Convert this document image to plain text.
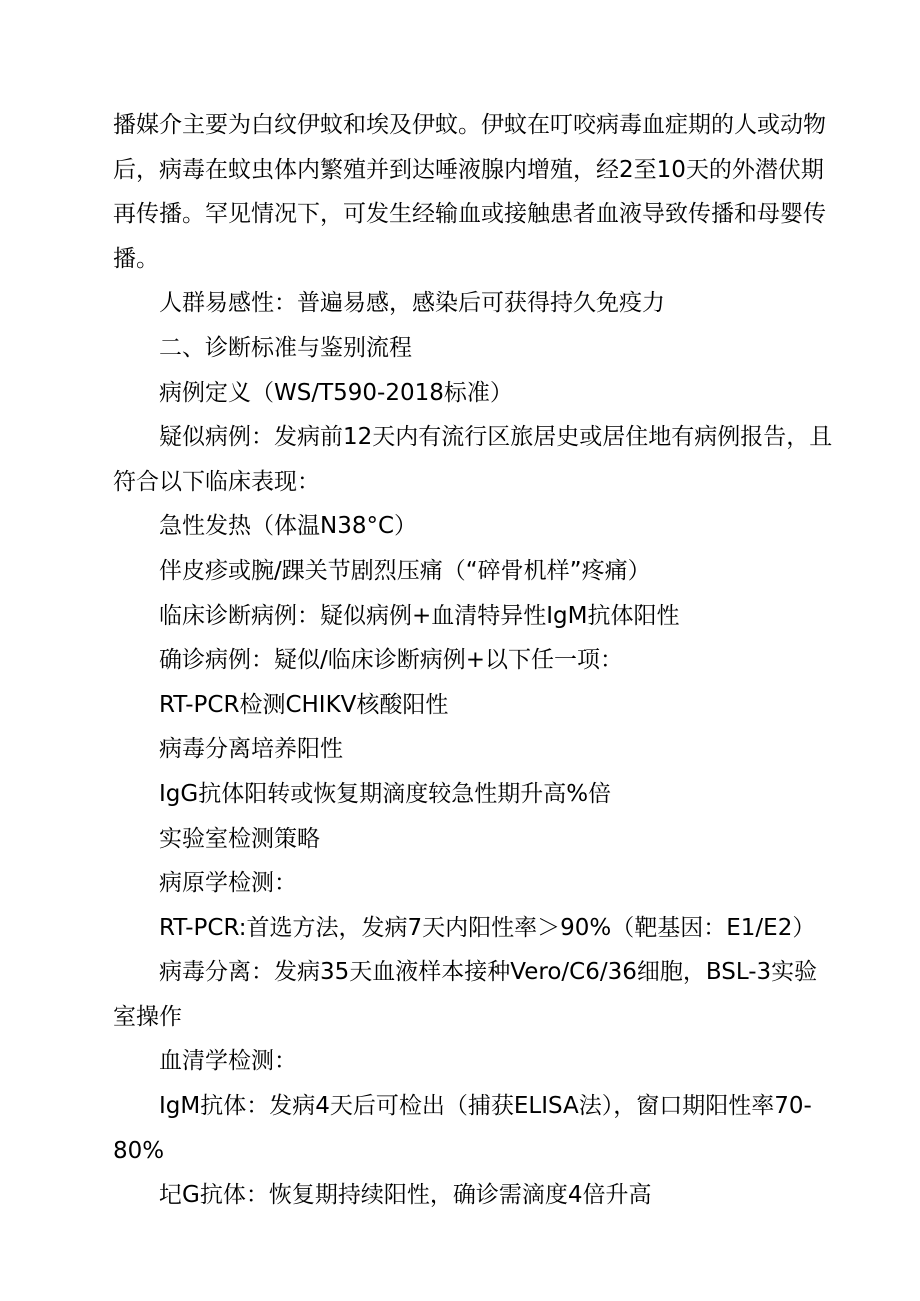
播媒介主要为白纹伊蚊和埃及伊蚊。伊蚊在叮咬病毒血症期的人或动物
后，病毒在蚊虫体内繁殖并到达唾液腺内增殖，经2至10天的外潜伏期
再传播。罕见情况下，可发生经输血或接触患者血液导致传播和母婴传
播。

人群易感性：普遍易感，感染后可获得持久免疫力

二、诊断标准与鉴别流程

病例定义（WS/T590-2018标准）

疑似病例：发病前12天内有流行区旅居史或居住地有病例报告，且
符合以下临床表现：

急性发热（体温N38°C）

伴皮疹或腕/踝关节剧烈压痛（“碎骨机样”疼痛）

临床诊断病例：疑似病例+血清特异性IgM抗体阳性

确诊病例：疑似/临床诊断病例+以下任一项：

RT-PCR检测CHIKV核酸阳性

病毒分离培养阳性

IgG抗体阳转或恢复期滴度较急性期升高%倍

实验室检测策略

病原学检测：

RT-PCR:首选方法，发病7天内阳性率＞90%（靶基因：E1/E2）

病毒分离：发病35天血液样本接种Vero/C6/36细胞，BSL-3实验
室操作

血清学检测：

IgM抗体：发病4天后可检出（捕获ELISA法），窗口期阳性率70-
80%

圮G抗体：恢复期持续阳性，确诊需滴度4倍升高
